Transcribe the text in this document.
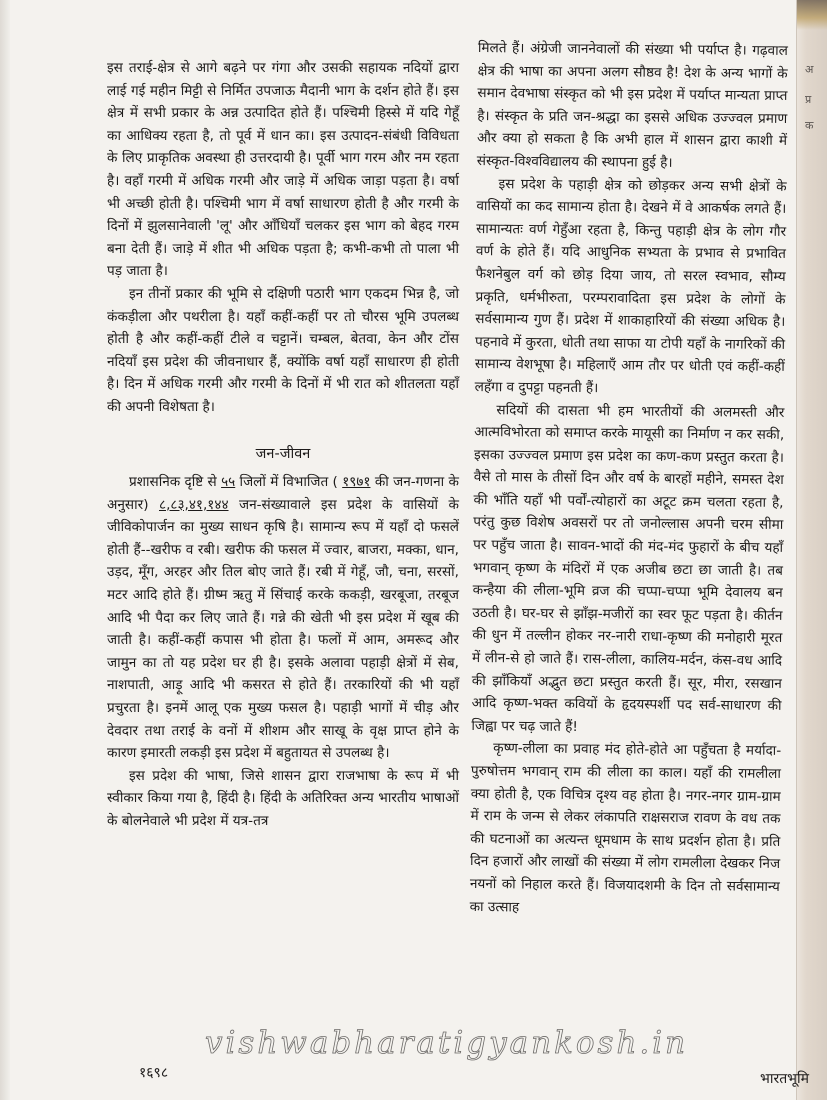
अ
प्र
क

इस तराई-क्षेत्र से आगे बढ़ने पर गंगा और उसकी सहायक नदियों द्वारा लाई गई महीन मिट्टी से निर्मित उपजाऊ मैदानी भाग के दर्शन होते हैं। इस क्षेत्र में सभी प्रकार के अन्न उत्पादित होते हैं। पश्चिमी हिस्से में यदि गेहूँ का आधिक्य रहता है, तो पूर्व में धान का। इस उत्पादन-संबंधी विविधता के लिए प्राकृतिक अवस्था ही उत्तरदायी है। पूर्वी भाग गरम और नम रहता है। वहाँ गरमी में अधिक गरमी और जाड़े में अधिक जाड़ा पड़ता है। वर्षा भी अच्छी होती है। पश्चिमी भाग में वर्षा साधारण होती है और गरमी के दिनों में झुलसानेवाली 'लू' और आँधियाँ चलकर इस भाग को बेहद गरम बना देती हैं। जाड़े में शीत भी अधिक पड़ता है; कभी-कभी तो पाला भी पड़ जाता है।

इन तीनों प्रकार की भूमि से दक्षिणी पठारी भाग एकदम भिन्न है, जो कंकड़ीला और पथरीला है। यहाँ कहीं-कहीं पर तो चौरस भूमि उपलब्ध होती है और कहीं-कहीं टीले व चट्टानें। चम्बल, बेतवा, केन और टोंस नदियाँ इस प्रदेश की जीवनाधार हैं, क्योंकि वर्षा यहाँ साधारण ही होती है। दिन में अधिक गरमी और गरमी के दिनों में भी रात को शीतलता यहाँ की अपनी विशेषता है।

जन-जीवन

प्रशासनिक दृष्टि से ५५ जिलों में विभाजित ( १९७१ की जन-गणना के अनुसार) ८,८३,४१,१४४ जन-संख्यावाले इस प्रदेश के वासियों के जीविकोपार्जन का मुख्य साधन कृषि है। सामान्य रूप में यहाँ दो फसलें होती हैं--खरीफ व रबी। खरीफ की फसल में ज्वार, बाजरा, मक्का, धान, उड़द, मूँग, अरहर और तिल बोए जाते हैं। रबी में गेहूँ, जौ, चना, सरसों, मटर आदि होते हैं। ग्रीष्म ऋतु में सिंचाई करके ककड़ी, खरबूजा, तरबूज आदि भी पैदा कर लिए जाते हैं। गन्ने की खेती भी इस प्रदेश में खूब की जाती है। कहीं-कहीं कपास भी होता है। फलों में आम, अमरूद और जामुन का तो यह प्रदेश घर ही है। इसके अलावा पहाड़ी क्षेत्रों में सेब, नाशपाती, आड़ू आदि भी कसरत से होते हैं। तरकारियों की भी यहाँ प्रचुरता है। इनमें आलू एक मुख्य फसल है। पहाड़ी भागों में चीड़ और देवदार तथा तराई के वनों में शीशम और साखू के वृक्ष प्राप्त होने के कारण इमारती लकड़ी इस प्रदेश में बहुतायत से उपलब्ध है।

इस प्रदेश की भाषा, जिसे शासन द्वारा राजभाषा के रूप में भी स्वीकार किया गया है, हिंदी है। हिंदी के अतिरिक्त अन्य भारतीय भाषाओं के बोलनेवाले भी प्रदेश में यत्र-तत्र

मिलते हैं। अंग्रेजी जाननेवालों की संख्या भी पर्याप्त है। गढ़वाल क्षेत्र की भाषा का अपना अलग सौष्ठव है! देश के अन्य भागों के समान देवभाषा संस्कृत को भी इस प्रदेश में पर्याप्त मान्यता प्राप्त है। संस्कृत के प्रति जन-श्रद्धा का इससे अधिक उज्ज्वल प्रमाण और क्या हो सकता है कि अभी हाल में शासन द्वारा काशी में संस्कृत-विश्वविद्यालय की स्थापना हुई है।

इस प्रदेश के पहाड़ी क्षेत्र को छोड़कर अन्य सभी क्षेत्रों के वासियों का कद सामान्य होता है। देखने में वे आकर्षक लगते हैं। सामान्यतः वर्ण गेहुँआ रहता है, किन्तु पहाड़ी क्षेत्र के लोग गौर वर्ण के होते हैं। यदि आधुनिक सभ्यता के प्रभाव से प्रभावित फैशनेबुल वर्ग को छोड़ दिया जाय, तो सरल स्वभाव, सौम्य प्रकृति, धर्मभीरुता, परम्परावादिता इस प्रदेश के लोगों के सर्वसामान्य गुण हैं। प्रदेश में शाकाहारियों की संख्या अधिक है। पहनावे में कुरता, धोती तथा साफा या टोपी यहाँ के नागरिकों की सामान्य वेशभूषा है। महिलाएँ आम तौर पर धोती एवं कहीं-कहीं लहँगा व दुपट्टा पहनती हैं।

सदियों की दासता भी हम भारतीयों की अलमस्ती और आत्मविभोरता को समाप्त करके मायूसी का निर्माण न कर सकी, इसका उज्ज्वल प्रमाण इस प्रदेश का कण-कण प्रस्तुत करता है। वैसे तो मास के तीसों दिन और वर्ष के बारहों महीने, समस्त देश की भाँति यहाँ भी पर्वों-त्योहारों का अटूट क्रम चलता रहता है, परंतु कुछ विशेष अवसरों पर तो जनोल्लास अपनी चरम सीमा पर पहुँच जाता है। सावन-भादों की मंद-मंद फुहारों के बीच यहाँ भगवान् कृष्ण के मंदिरों में एक अजीब छटा छा जाती है। तब कन्हैया की लीला-भूमि व्रज की चप्पा-चप्पा भूमि देवालय बन उठती है। घर-घर से झाँझ-मजीरों का स्वर फूट पड़ता है। कीर्तन की धुन में तल्लीन होकर नर-नारी राधा-कृष्ण की मनोहारी मूरत में लीन-से हो जाते हैं। रास-लीला, कालिय-मर्दन, कंस-वध आदि की झाँकियाँ अद्भुत छटा प्रस्तुत करती हैं। सूर, मीरा, रसखान आदि कृष्ण-भक्त कवियों के हृदयस्पर्शी पद सर्व-साधारण की जिह्वा पर चढ़ जाते हैं!

कृष्ण-लीला का प्रवाह मंद होते-होते आ पहुँचता है मर्यादा-पुरुषोत्तम भगवान् राम की लीला का काल। यहाँ की रामलीला क्या होती है, एक विचित्र दृश्य वह होता है। नगर-नगर ग्राम-ग्राम में राम के जन्म से लेकर लंकापति राक्षसराज रावण के वध तक की घटनाओं का अत्यन्त धूमधाम के साथ प्रदर्शन होता है। प्रति दिन हजारों और लाखों की संख्या में लोग रामलीला देखकर निज नयनों को निहाल करते हैं। विजयादशमी के दिन तो सर्वसामान्य का उत्साह

vishwabharatigyankosh.in
१६९८	भारतभूमि
